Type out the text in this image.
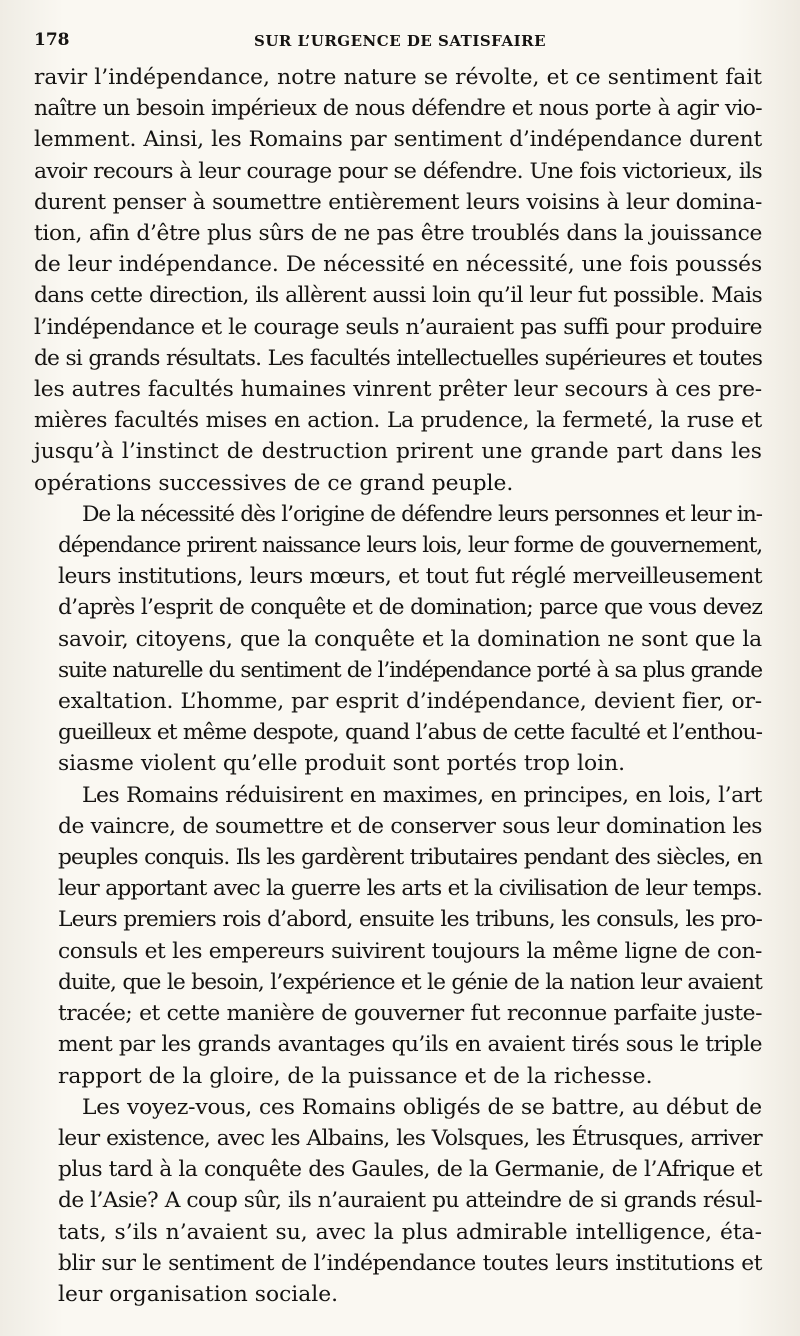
178	SUR L’URGENCE DE SATISFAIRE
ravir l’indépendance, notre nature se révolte, et ce sentiment fait
naître un besoin impérieux de nous défendre et nous porte à agir vio-
lemment. Ainsi, les Romains par sentiment d’indépendance durent
avoir recours à leur courage pour se défendre. Une fois victorieux, ils
durent penser à soumettre entièrement leurs voisins à leur domina-
tion, afin d’être plus sûrs de ne pas être troublés dans la jouissance
de leur indépendance. De nécessité en nécessité, une fois poussés
dans cette direction, ils allèrent aussi loin qu’il leur fut possible. Mais
l’indépendance et le courage seuls n’auraient pas suffi pour produire
de si grands résultats. Les facultés intellectuelles supérieures et toutes
les autres facultés humaines vinrent prêter leur secours à ces pre-
mières facultés mises en action. La prudence, la fermeté, la ruse et
jusqu’à l’instinct de destruction prirent une grande part dans les
opérations successives de ce grand peuple.
De la nécessité dès l’origine de défendre leurs personnes et leur in-
dépendance prirent naissance leurs lois, leur forme de gouvernement,
leurs institutions, leurs mœurs, et tout fut réglé merveilleusement
d’après l’esprit de conquête et de domination; parce que vous devez
savoir, citoyens, que la conquête et la domination ne sont que la
suite naturelle du sentiment de l’indépendance porté à sa plus grande
exaltation. L’homme, par esprit d’indépendance, devient fier, or-
gueilleux et même despote, quand l’abus de cette faculté et l’enthou-
siasme violent qu’elle produit sont portés trop loin.
Les Romains réduisirent en maximes, en principes, en lois, l’art
de vaincre, de soumettre et de conserver sous leur domination les
peuples conquis. Ils les gardèrent tributaires pendant des siècles, en
leur apportant avec la guerre les arts et la civilisation de leur temps.
Leurs premiers rois d’abord, ensuite les tribuns, les consuls, les pro-
consuls et les empereurs suivirent toujours la même ligne de con-
duite, que le besoin, l’expérience et le génie de la nation leur avaient
tracée; et cette manière de gouverner fut reconnue parfaite juste-
ment par les grands avantages qu’ils en avaient tirés sous le triple
rapport de la gloire, de la puissance et de la richesse.
Les voyez-vous, ces Romains obligés de se battre, au début de
leur existence, avec les Albains, les Volsques, les Étrusques, arriver
plus tard à la conquête des Gaules, de la Germanie, de l’Afrique et
de l’Asie? A coup sûr, ils n’auraient pu atteindre de si grands résul-
tats, s’ils n’avaient su, avec la plus admirable intelligence, éta-
blir sur le sentiment de l’indépendance toutes leurs institutions et
leur organisation sociale.
